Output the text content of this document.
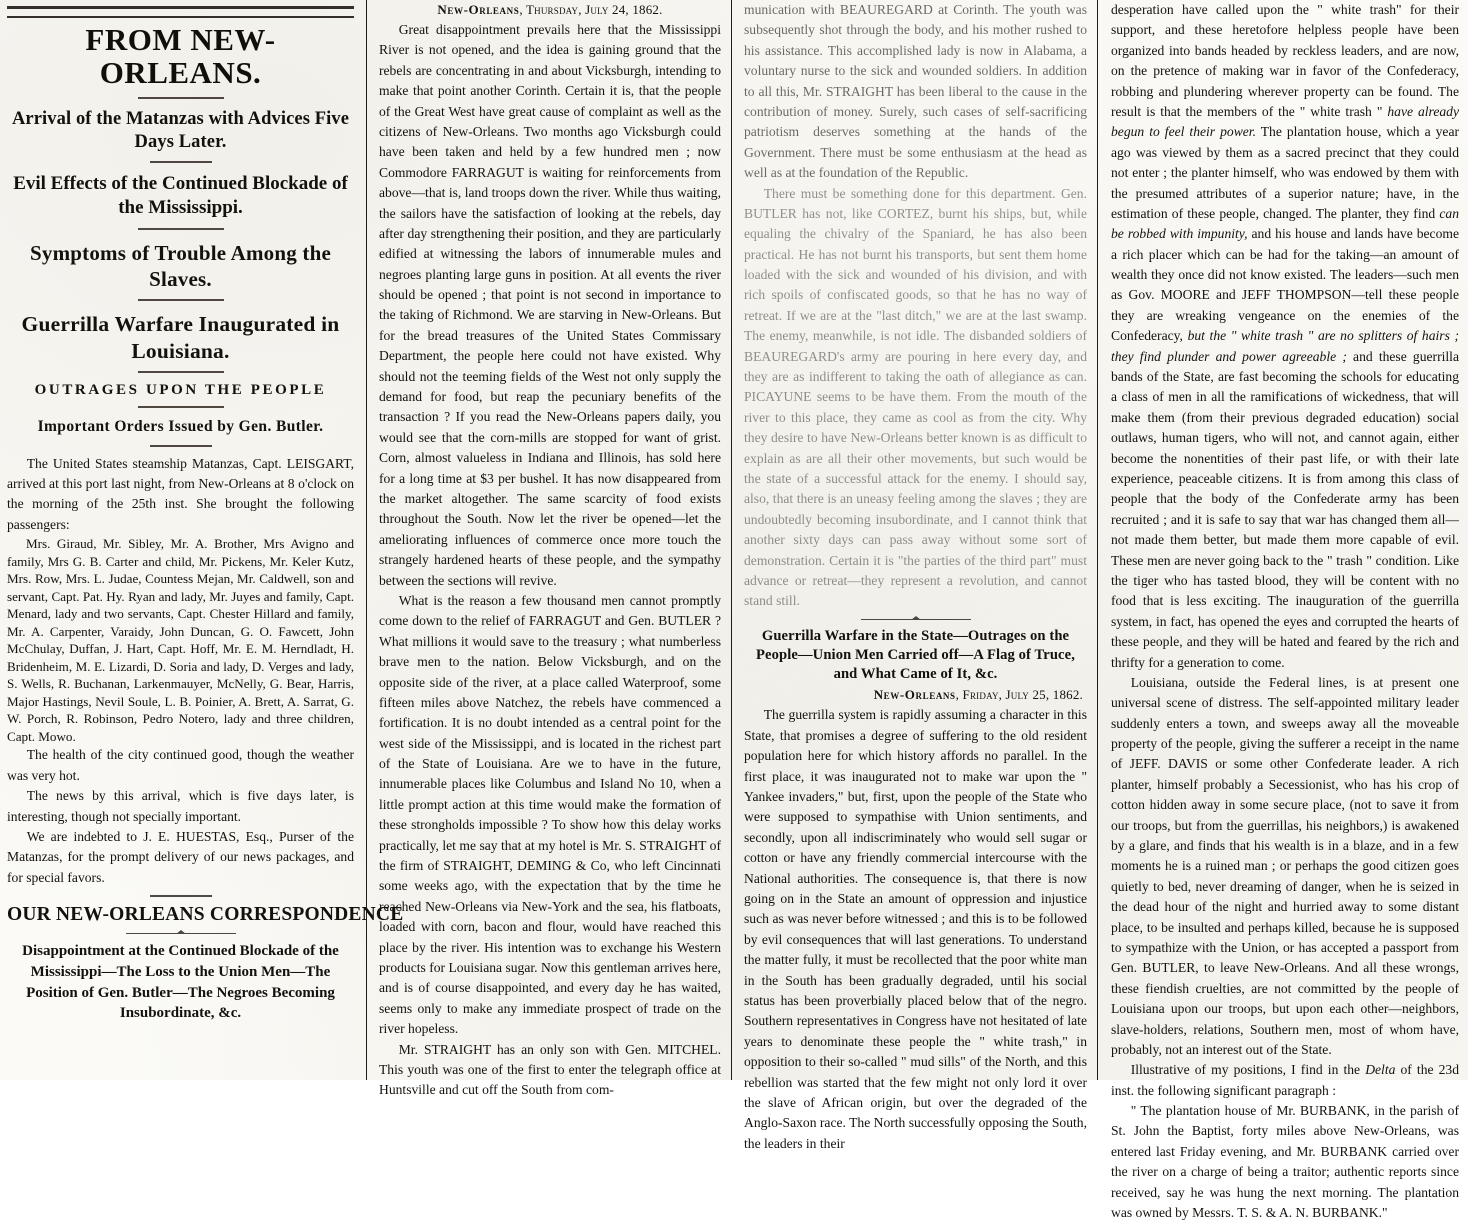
FROM NEW-ORLEANS.
Arrival of the Matanzas with Advices Five Days Later.
Evil Effects of the Continued Blockade of the Mississippi.
Symptoms of Trouble Among the Slaves.
Guerrilla Warfare Inaugurated in Louisiana.
OUTRAGES UPON THE PEOPLE
Important Orders Issued by Gen. Butler.

The United States steamship Matanzas, Capt. LEISGART, arrived at this port last night, from New-Orleans at 8 o'clock on the morning of the 25th inst. She brought the following passengers:

Mrs. Giraud, Mr. Sibley, Mr. A. Brother, Mrs Avigno and family, Mrs G. B. Carter and child, Mr. Pickens, Mr. Keler Kutz, Mrs. Row, Mrs. L. Judae, Countess Mejan, Mr. Caldwell, son and servant, Capt. Pat. Hy. Ryan and lady, Mr. Juyes and family, Capt. Menard, lady and two servants, Capt. Chester Hillard and family, Mr. A. Carpenter, Varaidy, John Duncan, G. O. Fawcett, John McChulay, Duffan, J. Hart, Capt. Hoff, Mr. E. M. Herndladt, H. Bridenheim, M. E. Lizardi, D. Soria and lady, D. Verges and lady, S. Wells, R. Buchanan, Larkenmauyer, McNelly, G. Bear, Harris, Major Hastings, Nevil Soule, L. B. Poinier, A. Brett, A. Sarrat, G. W. Porch, R. Robinson, Pedro Notero, lady and three children, Capt. Mowo.

The health of the city continued good, though the weather was very hot.

The news by this arrival, which is five days later, is interesting, though not specially important.

We are indebted to J. E. HUESTAS, Esq., Purser of the Matanzas, for the prompt delivery of our news packages, and for special favors.

OUR NEW-ORLEANS CORRESPONDENCE
Disappointment at the Continued Blockade of the Mississippi—The Loss to the Union Men—The Position of Gen. Butler—The Negroes Becoming Insubordinate, &c.
New-Orleans, Thursday, July 24, 1862.

Great disappointment prevails here that the Mississippi River is not opened, and the idea is gaining ground that the rebels are concentrating in and about Vicksburgh, intending to make that point another Corinth. Certain it is, that the people of the Great West have great cause of complaint as well as the citizens of New-Orleans. Two months ago Vicksburgh could have been taken and held by a few hundred men ; now Commodore FARRAGUT is waiting for reinforcements from above—that is, land troops down the river. While thus waiting, the sailors have the satisfaction of looking at the rebels, day after day strengthening their position, and they are particularly edified at witnessing the labors of innumerable mules and negroes planting large guns in position. At all events the river should be opened ; that point is not second in importance to the taking of Richmond. We are starving in New-Orleans. But for the bread treasures of the United States Commissary Department, the people here could not have existed. Why should not the teeming fields of the West not only supply the demand for food, but reap the pecuniary benefits of the transaction ? If you read the New-Orleans papers daily, you would see that the corn-mills are stopped for want of grist. Corn, almost valueless in Indiana and Illinois, has sold here for a long time at $3 per bushel. It has now disappeared from the market altogether. The same scarcity of food exists throughout the South. Now let the river be opened—let the ameliorating influences of commerce once more touch the strangely hardened hearts of these people, and the sympathy between the sections will revive.

What is the reason a few thousand men cannot promptly come down to the relief of FARRAGUT and Gen. BUTLER ? What millions it would save to the treasury ; what numberless brave men to the nation. Below Vicksburgh, and on the opposite side of the river, at a place called Waterproof, some fifteen miles above Natchez, the rebels have commenced a fortification. It is no doubt intended as a central point for the west side of the Mississippi, and is located in the richest part of the State of Louisiana. Are we to have in the future, innumerable places like Columbus and Island No 10, when a little prompt action at this time would make the formation of these strongholds impossible ? To show how this delay works practically, let me say that at my hotel is Mr. S. STRAIGHT of the firm of STRAIGHT, DEMING & Co, who left Cincinnati some weeks ago, with the expectation that by the time he reached New-Orleans via New-York and the sea, his flatboats, loaded with corn, bacon and flour, would have reached this place by the river. His intention was to exchange his Western products for Louisiana sugar. Now this gentleman arrives here, and is of course disappointed, and every day he has waited, seems only to make any immediate prospect of trade on the river hopeless.

Mr. STRAIGHT has an only son with Gen. MITCHEL. This youth was one of the first to enter the telegraph office at Huntsville and cut off the South from com-

munication with BEAUREGARD at Corinth. The youth was subsequently shot through the body, and his mother rushed to his assistance. This accomplished lady is now in Alabama, a voluntary nurse to the sick and wounded soldiers. In addition to all this, Mr. STRAIGHT has been liberal to the cause in the contribution of money. Surely, such cases of self-sacrificing patriotism deserves something at the hands of the Government. There must be some enthusiasm at the head as well as at the foundation of the Republic.

There must be something done for this department. Gen. BUTLER has not, like CORTEZ, burnt his ships, but, while equaling the chivalry of the Spaniard, he has also been practical. He has not burnt his transports, but sent them home loaded with the sick and wounded of his division, and with rich spoils of confiscated goods, so that he has no way of retreat. If we are at the "last ditch," we are at the last swamp. The enemy, meanwhile, is not idle. The disbanded soldiers of BEAUREGARD's army are pouring in here every day, and they are as indifferent to taking the oath of allegiance as can. PICAYUNE seems to be have them. From the mouth of the river to this place, they came as cool as from the city. Why they desire to have New-Orleans better known is as difficult to explain as are all their other movements, but such would be the state of a successful attack for the enemy. I should say, also, that there is an uneasy feeling among the slaves ; they are undoubtedly becoming insubordinate, and I cannot think that another sixty days can pass away without some sort of demonstration. Certain it is "the parties of the third part" must advance or retreat—they represent a revolution, and cannot stand still.

Guerrilla Warfare in the State—Outrages on the People—Union Men Carried off—A Flag of Truce, and What Came of It, &c.
New-Orleans, Friday, July 25, 1862.

The guerrilla system is rapidly assuming a character in this State, that promises a degree of suffering to the old resident population here for which history affords no parallel. In the first place, it was inaugurated not to make war upon the " Yankee invaders," but, first, upon the people of the State who were supposed to sympathise with Union sentiments, and secondly, upon all indiscriminately who would sell sugar or cotton or have any friendly commercial intercourse with the National authorities. The consequence is, that there is now going on in the State an amount of oppression and injustice such as was never before witnessed ; and this is to be followed by evil consequences that will last generations. To understand the matter fully, it must be recollected that the poor white man in the South has been gradually degraded, until his social status has been proverbially placed below that of the negro. Southern representatives in Congress have not hesitated of late years to denominate these people the " white trash," in opposition to their so-called " mud sills" of the North, and this rebellion was started that the few might not only lord it over the slave of African origin, but over the degraded of the Anglo-Saxon race. The North successfully opposing the South, the leaders in their

desperation have called upon the " white trash" for their support, and these heretofore helpless people have been organized into bands headed by reckless leaders, and are now, on the pretence of making war in favor of the Confederacy, robbing and plundering wherever property can be found. The result is that the members of the " white trash " have already begun to feel their power. The plantation house, which a year ago was viewed by them as a sacred precinct that they could not enter ; the planter himself, who was endowed by them with the presumed attributes of a superior nature; have, in the estimation of these people, changed. The planter, they find can be robbed with impunity, and his house and lands have become a rich placer which can be had for the taking—an amount of wealth they once did not know existed. The leaders—such men as Gov. MOORE and JEFF THOMPSON—tell these people they are wreaking vengeance on the enemies of the Confederacy, but the " white trash " are no splitters of hairs ; they find plunder and power agreeable ; and these guerrilla bands of the State, are fast becoming the schools for educating a class of men in all the ramifications of wickedness, that will make them (from their previous degraded education) social outlaws, human tigers, who will not, and cannot again, either become the nonentities of their past life, or with their late experience, peaceable citizens. It is from among this class of people that the body of the Confederate army has been recruited ; and it is safe to say that war has changed them all—not made them better, but made them more capable of evil. These men are never going back to the " trash " condition. Like the tiger who has tasted blood, they will be content with no food that is less exciting. The inauguration of the guerrilla system, in fact, has opened the eyes and corrupted the hearts of these people, and they will be hated and feared by the rich and thrifty for a generation to come.

Louisiana, outside the Federal lines, is at present one universal scene of distress. The self-appointed military leader suddenly enters a town, and sweeps away all the moveable property of the people, giving the sufferer a receipt in the name of JEFF. DAVIS or some other Confederate leader. A rich planter, himself probably a Secessionist, who has his crop of cotton hidden away in some secure place, (not to save it from our troops, but from the guerrillas, his neighbors,) is awakened by a glare, and finds that his wealth is in a blaze, and in a few moments he is a ruined man ; or perhaps the good citizen goes quietly to bed, never dreaming of danger, when he is seized in the dead hour of the night and hurried away to some distant place, to be insulted and perhaps killed, because he is supposed to sympathize with the Union, or has accepted a passport from Gen. BUTLER, to leave New-Orleans. And all these wrongs, these fiendish cruelties, are not committed by the people of Louisiana upon our troops, but upon each other—neighbors, slave-holders, relations, Southern men, most of whom have, probably, not an interest out of the State.

Illustrative of my positions, I find in the Delta of the 23d inst. the following significant paragraph :

" The plantation house of Mr. BURBANK, in the parish of St. John the Baptist, forty miles above New-Orleans, was entered last Friday evening, and Mr. BURBANK carried over the river on a charge of being a traitor; authentic reports since received, say he was hung the next morning. The plantation was owned by Messrs. T. S. & A. N. BURBANK."
